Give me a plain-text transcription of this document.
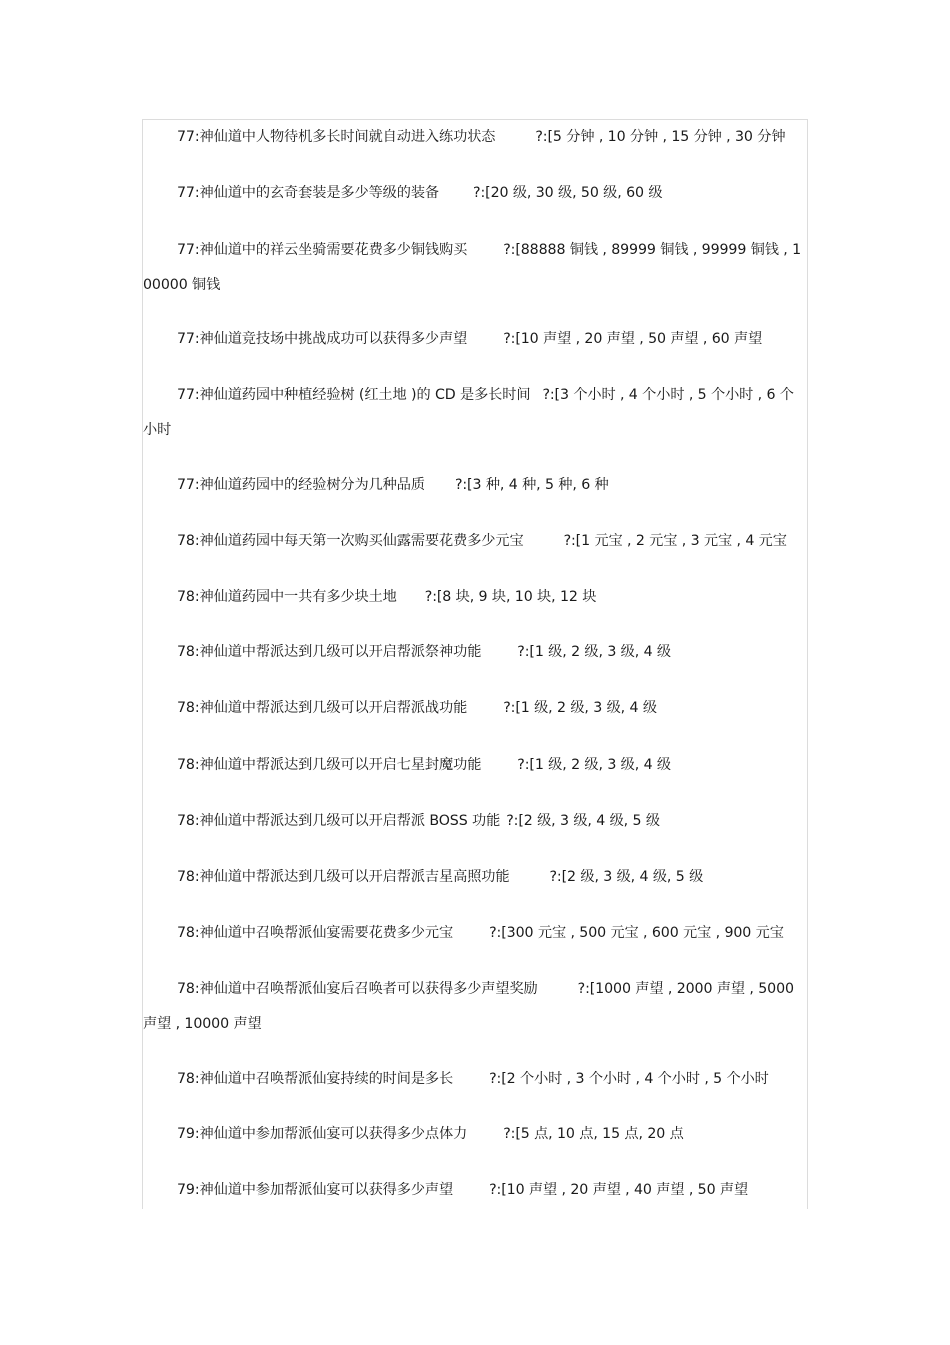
77:神仙道中人物待机多长时间就自动进入练功状态	?:[5 分钟 , 10 分钟 , 15 分钟 , 30 分钟
77:神仙道中的玄奇套装是多少等级的装备 ?:[20 级, 30 级, 50 级, 60 级
77:神仙道中的祥云坐骑需要花费多少铜钱购买	?:[88888 铜钱 , 89999 铜钱 , 99999 铜钱 , 100000 铜钱
77:神仙道竞技场中挑战成功可以获得多少声望	?:[10 声望 , 20 声望 , 50 声望 , 60 声望
77:神仙道药园中种植经验树 (红土地 )的 CD 是多长时间 ?:[3 个小时 , 4 个小时 , 5 个小时 , 6 个小时
77:神仙道药园中的经验树分为几种品质 ?:[3 种, 4 种, 5 种, 6 种
78:神仙道药园中每天第一次购买仙露需要花费多少元宝	?:[1 元宝 , 2 元宝 , 3 元宝 , 4 元宝
78:神仙道药园中一共有多少块土地 ?:[8 块, 9 块, 10 块, 12 块
78:神仙道中帮派达到几级可以开启帮派祭神功能	?:[1 级, 2 级, 3 级, 4 级
78:神仙道中帮派达到几级可以开启帮派战功能	?:[1 级, 2 级, 3 级, 4 级
78:神仙道中帮派达到几级可以开启七星封魔功能	?:[1 级, 2 级, 3 级, 4 级
78:神仙道中帮派达到几级可以开启帮派 BOSS 功能 ?:[2 级, 3 级, 4 级, 5 级
78:神仙道中帮派达到几级可以开启帮派吉星高照功能	?:[2 级, 3 级, 4 级, 5 级
78:神仙道中召唤帮派仙宴需要花费多少元宝	?:[300 元宝 , 500 元宝 , 600 元宝 , 900 元宝
78:神仙道中召唤帮派仙宴后召唤者可以获得多少声望奖励	?:[1000 声望 , 2000 声望 , 5000 声望 , 10000 声望
78:神仙道中召唤帮派仙宴持续的时间是多长	?:[2 个小时 , 3 个小时 , 4 个小时 , 5 个小时
79:神仙道中参加帮派仙宴可以获得多少点体力	?:[5 点, 10 点, 15 点, 20 点
79:神仙道中参加帮派仙宴可以获得多少声望	?:[10 声望 , 20 声望 , 40 声望 , 50 声望
